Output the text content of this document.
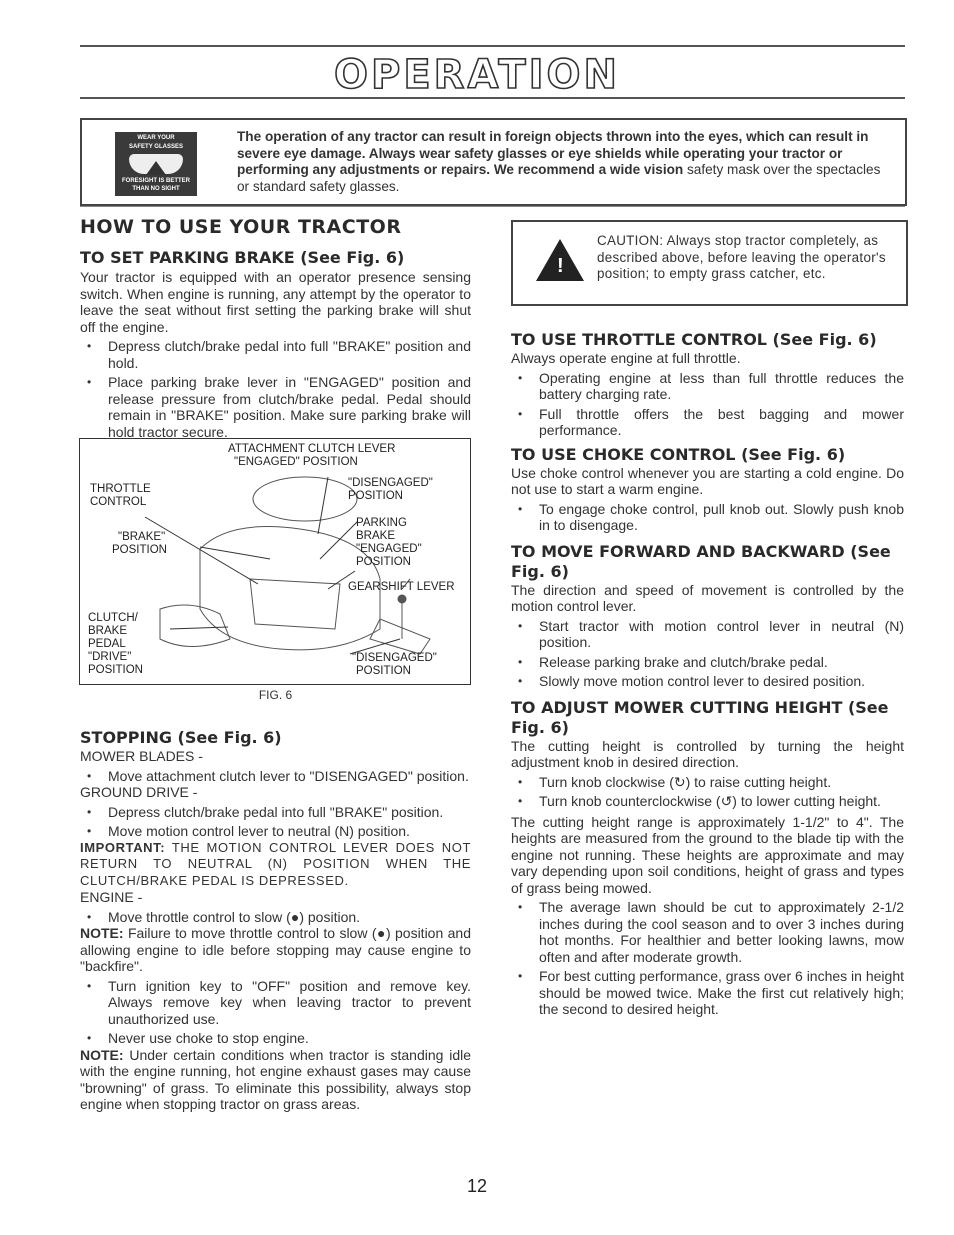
OPERATION
WEAR YOUR
SAFETY GLASSES
FORESIGHT IS BETTER
THAN NO SIGHT
The operation of any tractor can result in foreign objects thrown into the eyes, which can result in severe eye damage. Always wear safety glasses or eye shields while operating your tractor or performing any adjustments or repairs. We recommend a wide vision safety mask over the spectacles or standard safety glasses.
HOW TO USE YOUR TRACTOR
TO SET PARKING BRAKE (See Fig. 6)
Your tractor is equipped with an operator presence sensing switch. When engine is running, any attempt by the operator to leave the seat without first setting the parking brake will shut off the engine.
• Depress clutch/brake pedal into full "BRAKE" position and hold.
• Place parking brake lever in "ENGAGED" position and release pressure from clutch/brake pedal. Pedal should remain in "BRAKE" position. Make sure parking brake will hold tractor secure.
ATTACHMENT CLUTCH LEVER
"ENGAGED" POSITION
THROTTLE
CONTROL
"DISENGAGED"
POSITION
"BRAKE"
POSITION
PARKING
BRAKE
"ENGAGED"
POSITION
GEARSHIFT LEVER
CLUTCH/
BRAKE
PEDAL
"DRIVE"
POSITION
"DISENGAGED"
POSITION
FIG. 6
STOPPING (See Fig. 6)
MOWER BLADES -
• Move attachment clutch lever to "DISENGAGED" position.
GROUND DRIVE -
• Depress clutch/brake pedal into full "BRAKE" position.
• Move motion control lever to neutral (N) position.
IMPORTANT: THE MOTION CONTROL LEVER DOES NOT RETURN TO NEUTRAL (N) POSITION WHEN THE CLUTCH/BRAKE PEDAL IS DEPRESSED.
ENGINE -
• Move throttle control to slow (●) position.
NOTE: Failure to move throttle control to slow (●) position and allowing engine to idle before stopping may cause engine to "backfire".
• Turn ignition key to "OFF" position and remove key. Always remove key when leaving tractor to prevent unauthorized use.
• Never use choke to stop engine.
NOTE: Under certain conditions when tractor is standing idle with the engine running, hot engine exhaust gases may cause "browning" of grass. To eliminate this possibility, always stop engine when stopping tractor on grass areas.
!
CAUTION: Always stop tractor completely, as described above, before leaving the operator's position; to empty grass catcher, etc.
TO USE THROTTLE CONTROL (See Fig. 6)
Always operate engine at full throttle.
• Operating engine at less than full throttle reduces the battery charging rate.
• Full throttle offers the best bagging and mower performance.
TO USE CHOKE CONTROL (See Fig. 6)
Use choke control whenever you are starting a cold engine. Do not use to start a warm engine.
• To engage choke control, pull knob out. Slowly push knob in to disengage.
TO MOVE FORWARD AND BACKWARD (See Fig. 6)
The direction and speed of movement is controlled by the motion control lever.
• Start tractor with motion control lever in neutral (N) position.
• Release parking brake and clutch/brake pedal.
• Slowly move motion control lever to desired position.
TO ADJUST MOWER CUTTING HEIGHT (See Fig. 6)
The cutting height is controlled by turning the height adjustment knob in desired direction.
• Turn knob clockwise (↻) to raise cutting height.
• Turn knob counterclockwise (↺) to lower cutting height.
The cutting height range is approximately 1-1/2" to 4". The heights are measured from the ground to the blade tip with the engine not running. These heights are approximate and may vary depending upon soil conditions, height of grass and types of grass being mowed.
• The average lawn should be cut to approximately 2-1/2 inches during the cool season and to over 3 inches during hot months. For healthier and better looking lawns, mow often and after moderate growth.
• For best cutting performance, grass over 6 inches in height should be mowed twice. Make the first cut relatively high; the second to desired height.
12
